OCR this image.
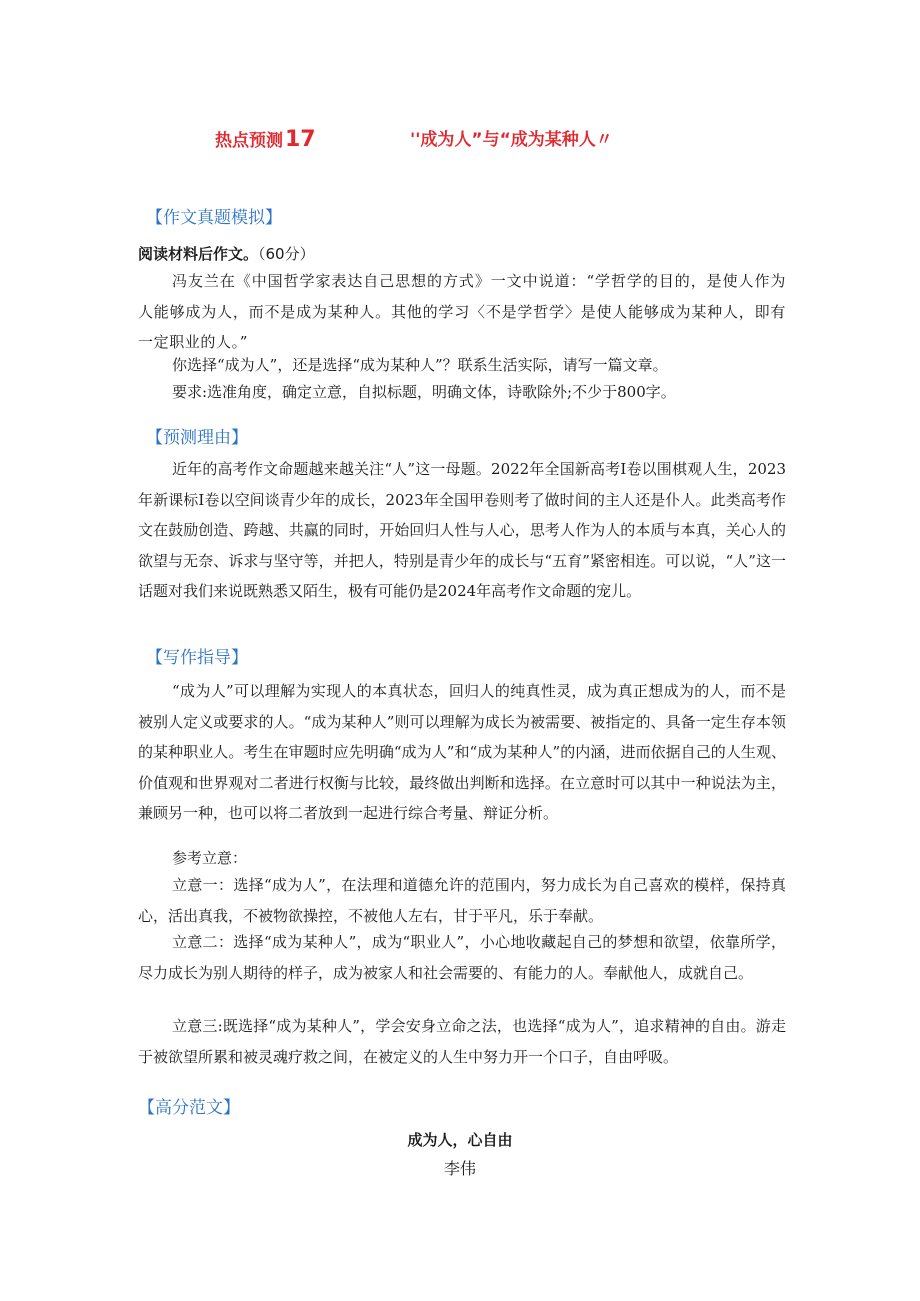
热点预测17	''成为人”与“成为某种人〃
【作文真题模拟】
阅读材料后作文。（60分）

冯友兰在《中国哲学家表达自己思想的方式》一文中说道：“学哲学的目的，是使人作为人能够成为人，而不是成为某种人。其他的学习〈不是学哲学〉是使人能够成为某种人，即有一定职业的人。”

你选择“成为人”，还是选择“成为某种人”？联系生活实际，请写一篇文章。

要求:选准角度，确定立意，自拟标题，明确文体，诗歌除外;不少于800字。

【预测理由】

近年的高考作文命题越来越关注“人”这一母题。2022年全国新高考Ⅰ卷以围棋观人生，2023年新课标Ⅰ卷以空间谈青少年的成长，2023年全国甲卷则考了做时间的主人还是仆人。此类高考作文在鼓励创造、跨越、共赢的同时，开始回归人性与人心，思考人作为人的本质与本真，关心人的欲望与无奈、诉求与坚守等，并把人，特别是青少年的成长与“五育”紧密相连。可以说，“人”这一话题对我们来说既熟悉又陌生，极有可能仍是2024年高考作文命题的宠儿。

【写作指导】

“成为人”可以理解为实现人的本真状态，回归人的纯真性灵，成为真正想成为的人，而不是被别人定义或要求的人。“成为某种人”则可以理解为成长为被需要、被指定的、具备一定生存本领的某种职业人。考生在审题时应先明确“成为人”和“成为某种人”的内涵，进而依据自己的人生观、价值观和世界观对二者进行权衡与比较，最终做出判断和选择。在立意时可以其中一种说法为主，兼顾另一种，也可以将二者放到一起进行综合考量、辩证分析。

参考立意：

立意一：选择“成为人”，在法理和道德允许的范围内，努力成长为自己喜欢的模样，保持真心，活出真我，不被物欲操控，不被他人左右，甘于平凡，乐于奉献。

立意二：选择“成为某种人”，成为“职业人”，小心地收藏起自己的梦想和欲望，依靠所学，尽力成长为别人期待的样子，成为被家人和社会需要的、有能力的人。奉献他人，成就自己。

立意三:既选择“成为某种人”，学会安身立命之法，也选择“成为人”，追求精神的自由。游走于被欲望所累和被灵魂疗救之间，在被定义的人生中努力开一个口子，自由呼吸。

【高分范文】
成为人，心自由
李伟
